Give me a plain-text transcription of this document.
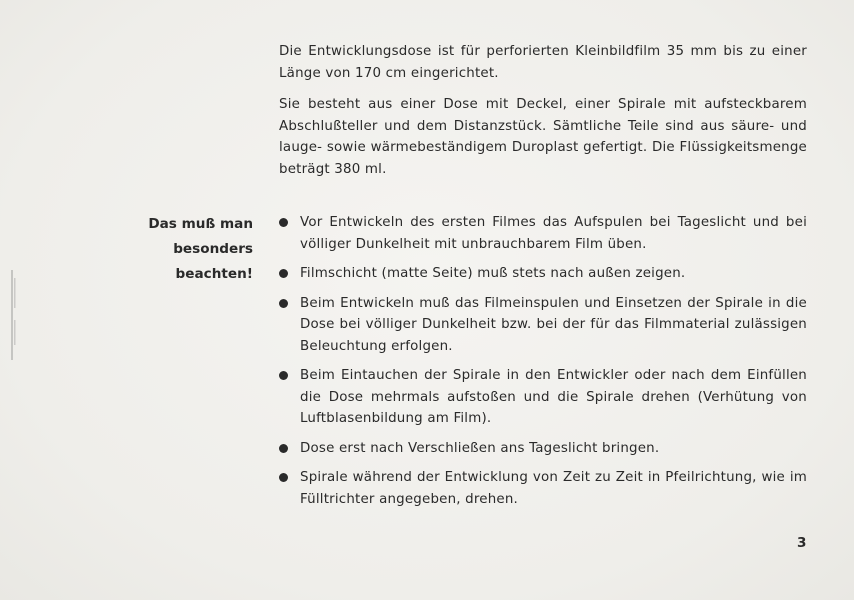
Die Entwicklungsdose ist für perforierten Kleinbildfilm 35 mm bis zu einer Länge von 170 cm eingerichtet.

Sie besteht aus einer Dose mit Deckel, einer Spirale mit aufsteckbarem Abschlußteller und dem Distanzstück. Sämtliche Teile sind aus säure- und lauge- sowie wärmebeständigem Duroplast gefertigt. Die Flüssigkeitsmenge beträgt 380 ml.

Das muß man
besonders
beachten!
Vor Entwickeln des ersten Filmes das Aufspulen bei Tageslicht und bei völliger Dunkelheit mit unbrauchbarem Film üben.
Filmschicht (matte Seite) muß stets nach außen zeigen.
Beim Entwickeln muß das Filmeinspulen und Einsetzen der Spirale in die Dose bei völliger Dunkelheit bzw. bei der für das Filmmaterial zulässigen Beleuchtung erfolgen.
Beim Eintauchen der Spirale in den Entwickler oder nach dem Einfüllen die Dose mehrmals aufstoßen und die Spirale drehen (Verhütung von Luftblasenbildung am Film).
Dose erst nach Verschließen ans Tageslicht bringen.
Spirale während der Entwicklung von Zeit zu Zeit in Pfeilrichtung, wie im Fülltrichter angegeben, drehen.
3
